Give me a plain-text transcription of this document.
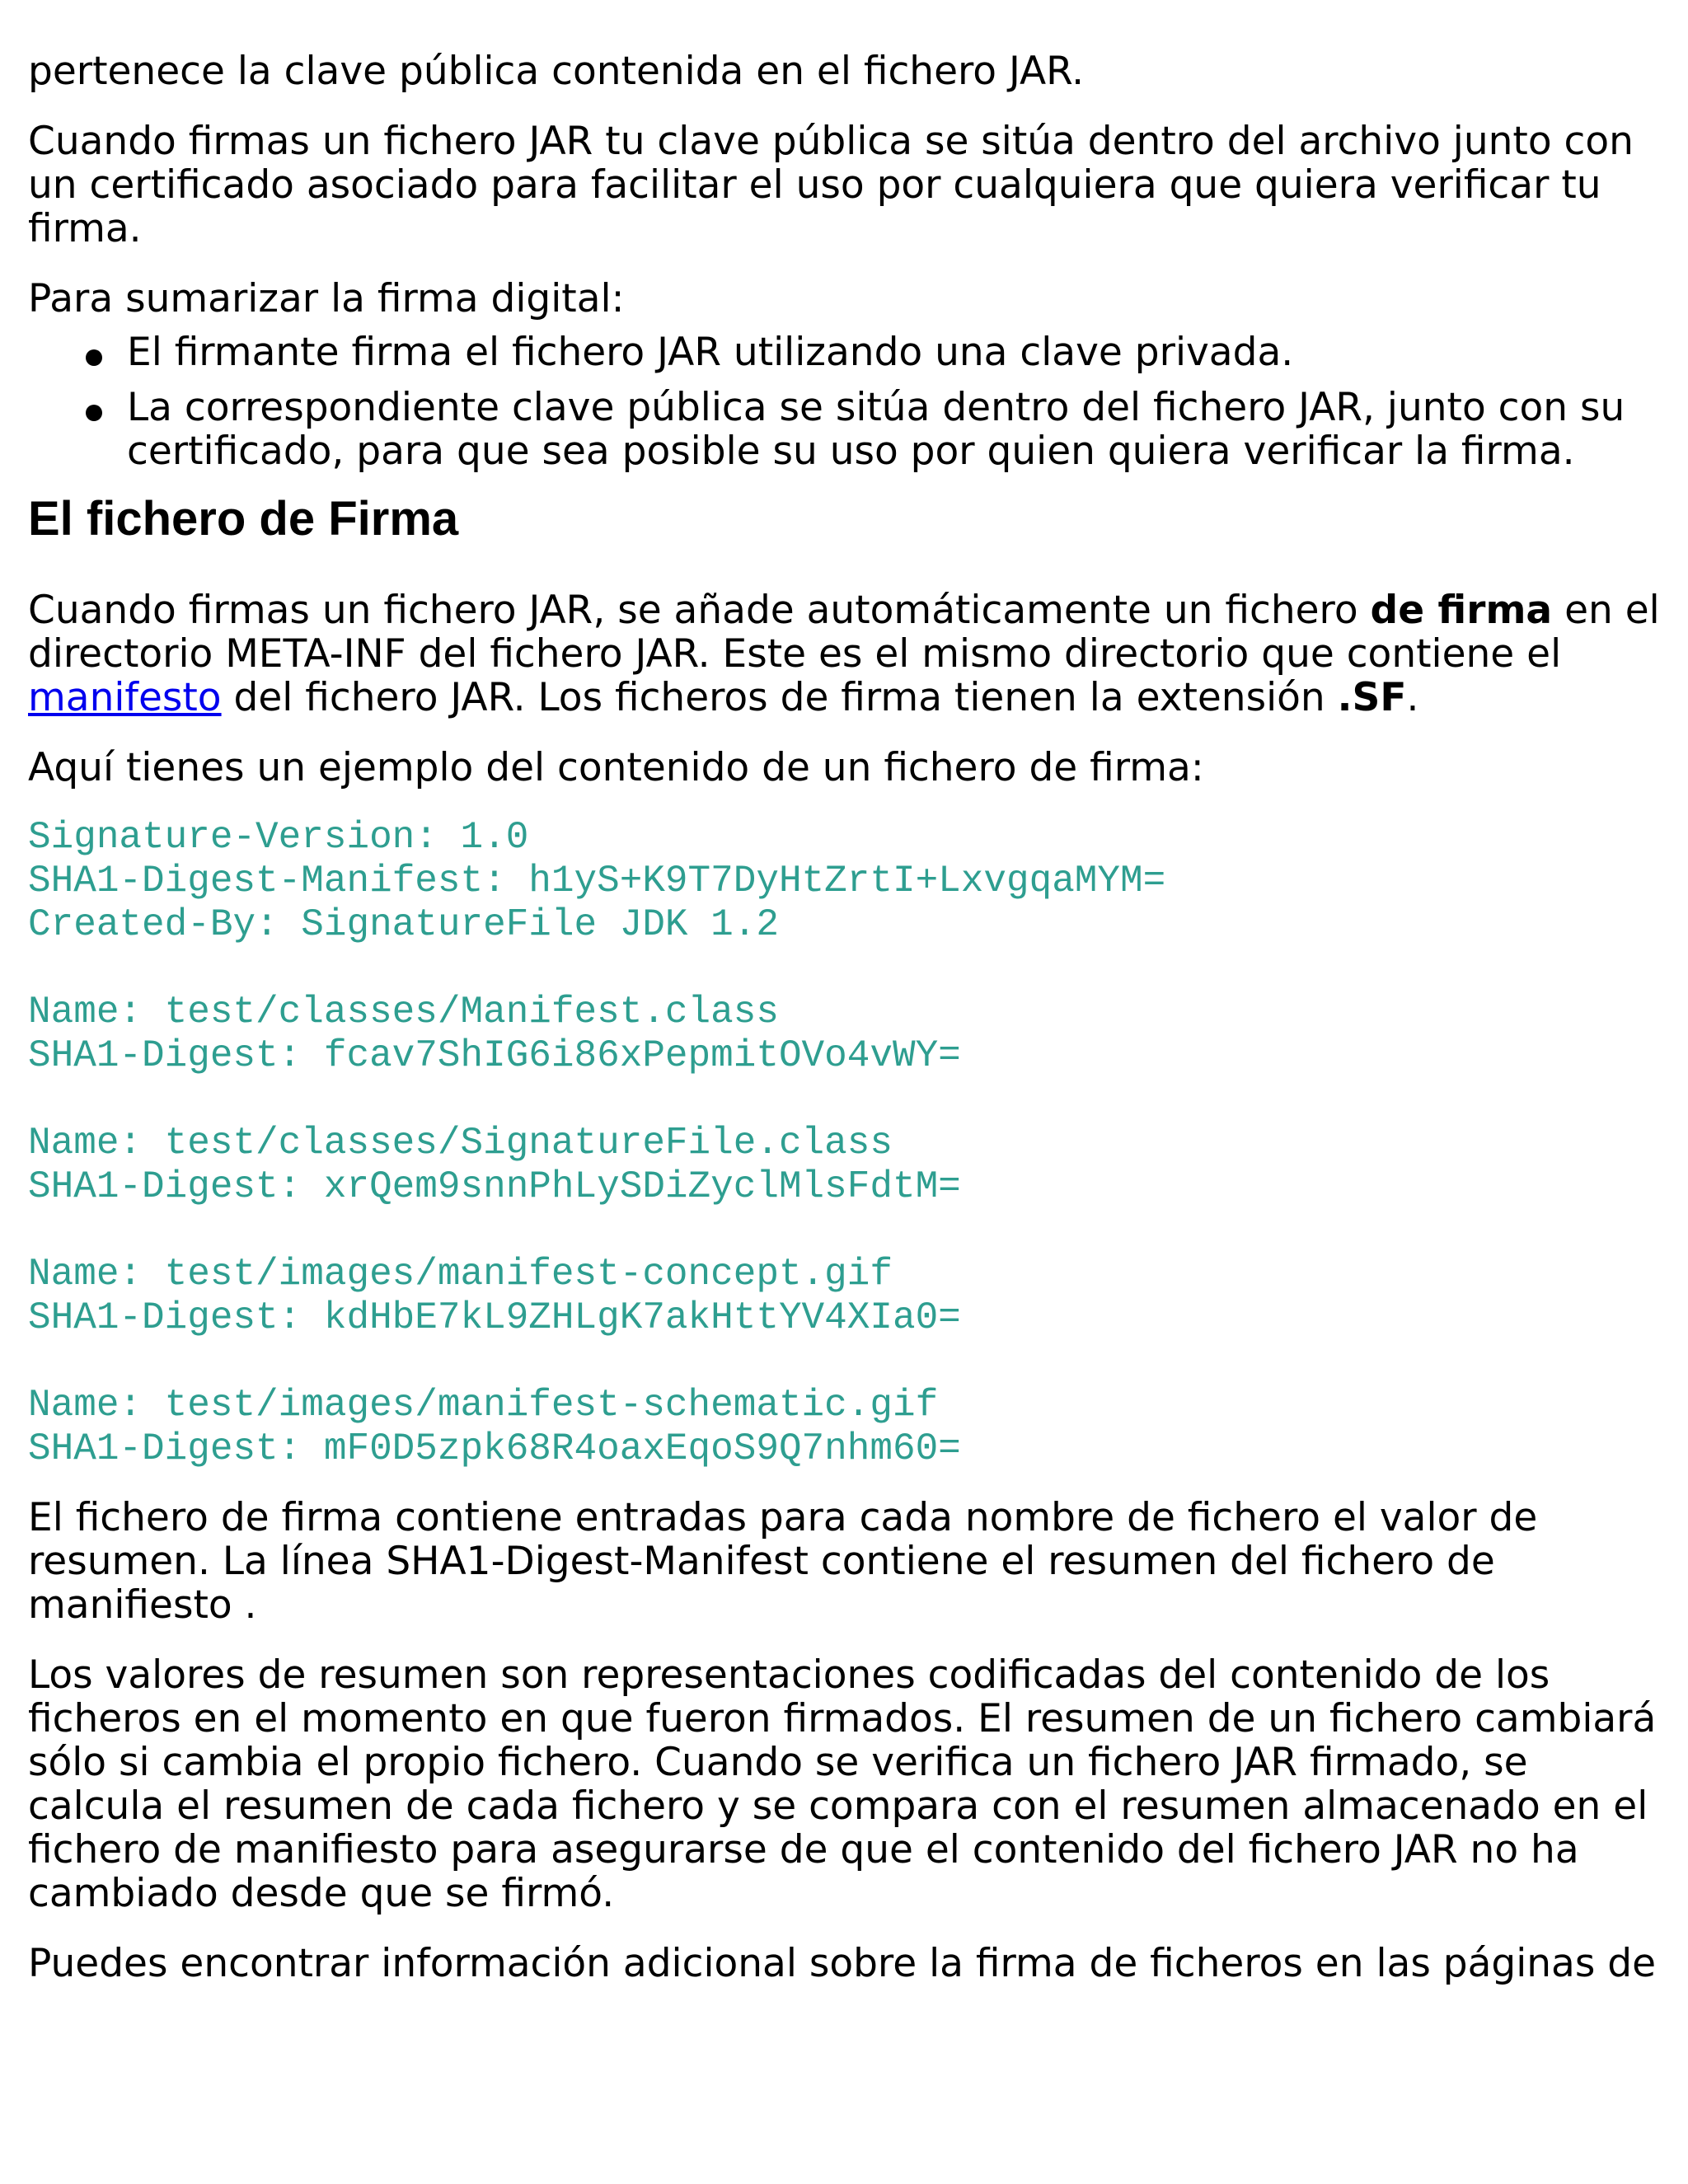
pertenece la clave pública contenida en el fichero JAR.

Cuando firmas un fichero JAR tu clave pública se sitúa dentro del archivo junto con un certificado asociado para facilitar el uso por cualquiera que quiera verificar tu firma.

Para sumarizar la firma digital:

El firmante firma el fichero JAR utilizando una clave privada.
La correspondiente clave pública se sitúa dentro del fichero JAR, junto con su certificado, para que sea posible su uso por quien quiera verificar la firma.
El fichero de Firma

Cuando firmas un fichero JAR, se añade automáticamente un fichero de firma en el directorio META-INF del fichero JAR. Este es el mismo directorio que contiene el manifesto del fichero JAR. Los ficheros de firma tienen la extensión .SF.

Aquí tienes un ejemplo del contenido de un fichero de firma:

Signature-Version: 1.0
SHA1-Digest-Manifest: h1yS+K9T7DyHtZrtI+LxvgqaMYM=
Created-By: SignatureFile JDK 1.2

Name: test/classes/Manifest.class
SHA1-Digest: fcav7ShIG6i86xPepmitOVo4vWY=

Name: test/classes/SignatureFile.class
SHA1-Digest: xrQem9snnPhLySDiZyclMlsFdtM=

Name: test/images/manifest-concept.gif
SHA1-Digest: kdHbE7kL9ZHLgK7akHttYV4XIa0=

Name: test/images/manifest-schematic.gif
SHA1-Digest: mF0D5zpk68R4oaxEqoS9Q7nhm60=

El fichero de firma contiene entradas para cada nombre de fichero el valor de resumen. La línea SHA1-Digest-Manifest contiene el resumen del fichero de manifiesto .

Los valores de resumen son representaciones codificadas del contenido de los ficheros en el momento en que fueron firmados. El resumen de un fichero cambiará sólo si cambia el propio fichero. Cuando se verifica un fichero JAR firmado, se calcula el resumen de cada fichero y se compara con el resumen almacenado en el fichero de manifiesto para asegurarse de que el contenido del fichero JAR no ha cambiado desde que se firmó.

Puedes encontrar información adicional sobre la firma de ficheros en las páginas de
